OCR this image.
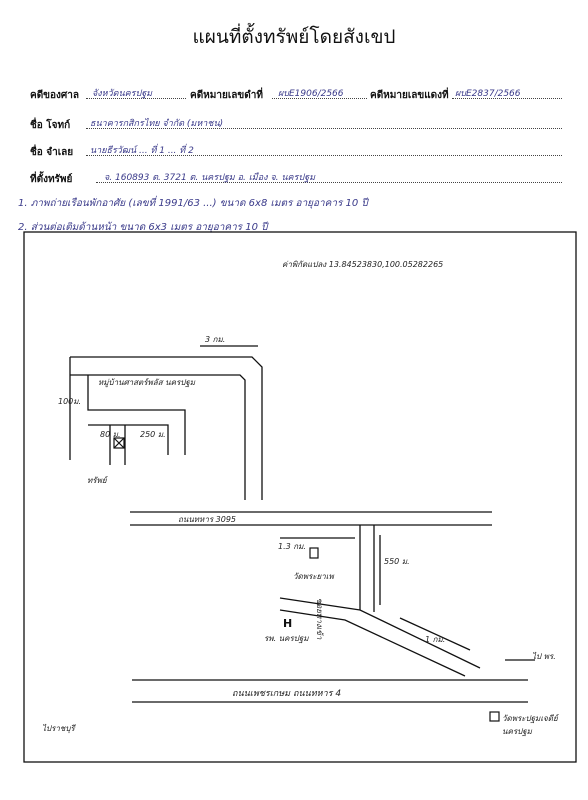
แผนที่ตั้งทรัพย์โดยสังเขป
คดีของศาล จังหวัดนครปฐม	คดีหมายเลขดำที่ ผบE1906/2566	คดีหมายเลขแดงที่ ผบE2837/2566
ชื่อ โจทก์ ธนาคารกสิกรไทย จำกัด (มหาชน)
ชื่อ จำเลย นายธีรวัฒน์ ... ที่ 1 ... ที่ 2
ที่ตั้งทรัพย์	จ. 160893 ต. 3721 ต. นครปฐม อ. เมือง จ. นครปฐม
1. ภาพถ่ายเรือนพักอาศัย (เลขที่ 1991/63 ...) ขนาด 6x8 เมตร อายุอาคาร 10 ปี
2. ส่วนต่อเติมด้านหน้า ขนาด 6x3 เมตร อายุอาคาร 10 ปี
H
ค่าพิกัดแปลง 13.84523830,100.05282265
3 กม.
หมู่บ้านศาสตร์พลัส นครปฐม
100ม.
80 ม. 250 ม.
ทรัพย์
ถนนทหาร 3095
1.3 กม.
550 ม.
วัดพระยาเพ
ซอยทางเข้า
1 กม.
รพ. นครปฐม
ไป พร.
ถนนเพชรเกษม ถนนทหาร 4
ไปราชบุรี
วัดพระปฐมเจดีย์ นครปฐม
